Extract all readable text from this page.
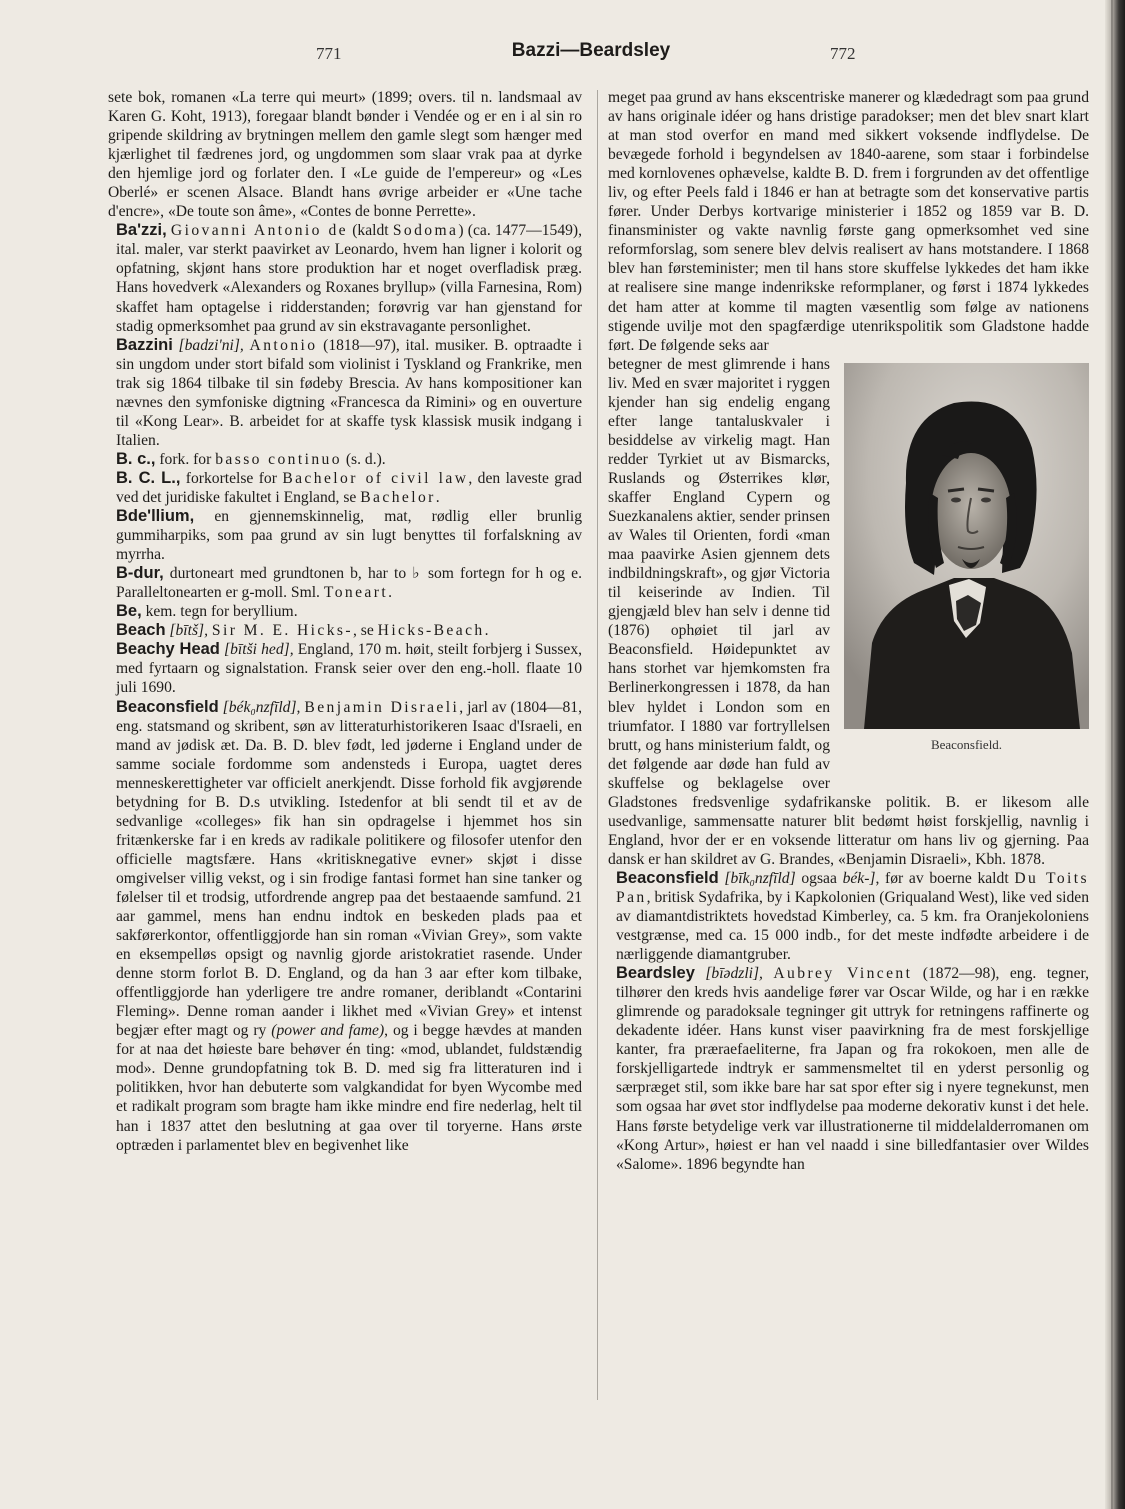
771	Bazzi—Beardsley	772

sete bok, romanen «La terre qui meurt» (1899; overs. til n. landsmaal av Karen G. Koht, 1913), foregaar blandt bønder i Vendée og er en i al sin ro gripende skildring av brytningen mellem den gamle slegt som hænger med kjærlighet til fædrenes jord, og ungdommen som slaar vrak paa at dyrke den hjemlige jord og forlater den. I «Le guide de l'empereur» og «Les Oberlé» er scenen Alsace. Blandt hans øvrige arbeider er «Une tache d'encre», «De toute son âme», «Contes de bonne Perrette».

Ba'zzi, Giovanni Antonio de (kaldt Sodoma) (ca. 1477—1549), ital. maler, var sterkt paavirket av Leonardo, hvem han ligner i kolorit og opfatning, skjønt hans store produktion har et noget overfladisk præg. Hans hovedverk «Alexanders og Roxanes bryllup» (villa Farnesina, Rom) skaffet ham optagelse i ridderstanden; forøvrig var han gjenstand for stadig opmerksomhet paa grund av sin ekstravagante personlighet.

Bazzini [badzi'ni], Antonio (1818—97), ital. musiker. B. optraadte i sin ungdom under stort bifald som violinist i Tyskland og Frankrike, men trak sig 1864 tilbake til sin fødeby Brescia. Av hans kompositioner kan nævnes den symfoniske digtning «Francesca da Rimini» og en ouverture til «Kong Lear». B. arbeidet for at skaffe tysk klassisk musik indgang i Italien.

B. c., fork. for basso continuo (s. d.).

B. C. L., forkortelse for Bachelor of civil law, den laveste grad ved det juridiske fakultet i England, se Bachelor.

Bde'llium, en gjennemskinnelig, mat, rødlig eller brunlig gummiharpiks, som paa grund av sin lugt benyttes til forfalskning av myrrha.

B-dur, durtoneart med grundtonen b, har to ♭ som fortegn for h og e. Paralleltonearten er g-moll. Sml. Toneart.

Be, kem. tegn for beryllium.

Beach [bītš], Sir M. E. Hicks-, se Hicks-Beach.

Beachy Head [bītši hed], England, 170 m. høit, steilt forbjerg i Sussex, med fyrtaarn og signalstation. Fransk seier over den eng.-holl. flaate 10 juli 1690.

Beaconsfield [bék₀nzfīld], Benjamin Disraeli, jarl av (1804—81, eng. statsmand og skribent, søn av litteraturhistorikeren Isaac d'Israeli, en mand av jødisk æt. Da. B. D. blev født, led jøderne i England under de samme sociale fordomme som andensteds i Europa, uagtet deres menneskerettigheter var officielt anerkjendt. Disse forhold fik avgjørende betydning for B. D.s utvikling. Istedenfor at bli sendt til et av de sedvanlige «colleges» fik han sin opdragelse i hjemmet hos sin fritænkerske far i en kreds av radikale politikere og filosofer utenfor den officielle magtsfære. Hans «kritisknegative evner» skjøt i disse omgivelser villig vekst, og i sin frodige fantasi formet han sine tanker og følelser til et trodsig, utfordrende angrep paa det bestaaende samfund. 21 aar gammel, mens han endnu indtok en beskeden plads paa et sakførerkontor, offentliggjorde han sin roman «Vivian Grey», som vakte en eksempelløs opsigt og navnlig gjorde aristokratiet rasende. Under denne storm forlot B. D. England, og da han 3 aar efter kom tilbake, offentliggjorde han yderligere tre andre romaner, deriblandt «Contarini Fleming». Denne roman aander i likhet med «Vivian Grey» et intenst begjær efter magt og ry (power and fame), og i begge hævdes at manden for at naa det høieste bare behøver én ting: «mod, ublandet, fuldstændig mod». Denne grundopfatning tok B. D. med sig fra litteraturen ind i politikken, hvor han debuterte som valgkandidat for byen Wycombe med et radikalt program som bragte ham ikke mindre end fire nederlag, helt til han i 1837 attet den beslutning at gaa over til toryerne. Hans ørste optræden i parlamentet blev en begivenhet like

meget paa grund av hans ekscentriske manerer og klædedragt som paa grund av hans originale idéer og hans dristige paradokser; men det blev snart klart at man stod overfor en mand med sikkert voksende indflydelse. De bevægede forhold i begyndelsen av 1840-aarene, som staar i forbindelse med kornlovenes ophævelse, kaldte B. D. frem i forgrunden av det offentlige liv, og efter Peels fald i 1846 er han at betragte som det konservative partis fører. Under Derbys kortvarige ministerier i 1852 og 1859 var B. D. finansminister og vakte navnlig første gang opmerksomhet ved sine reformforslag, som senere blev delvis realisert av hans motstandere. I 1868 blev han førsteminister; men til hans store skuffelse lykkedes det ham ikke at realisere sine mange indenrikske reformplaner, og først i 1874 lykkedes det ham atter at komme til magten væsentlig som følge av nationens stigende uvilje mot den spagfærdige utenrikspolitik som Gladstone hadde ført. De følgende seks aar

Beaconsfield.

betegner de mest glimrende i hans liv. Med en svær majoritet i ryggen kjender han sig endelig engang efter lange tantaluskvaler i besiddelse av virkelig magt. Han redder Tyrkiet ut av Bismarcks, Ruslands og Østerrikes klør, skaffer England Cypern og Suezkanalens aktier, sender prinsen av Wales til Orienten, fordi «man maa paavirke Asien gjennem dets indbildningskraft», og gjør Victoria til keiserinde av Indien. Til gjengjæld blev han selv i denne tid (1876) ophøiet til jarl av Beaconsfield. Høidepunktet av hans storhet var hjemkomsten fra Berlinerkongressen i 1878, da han blev hyldet i London som en triumfator. I 1880 var fortryllelsen brutt, og hans ministerium faldt, og det følgende aar døde han fuld av skuffelse og beklagelse over Gladstones fredsvenlige sydafrikanske politik. B. er likesom alle usedvanlige, sammensatte naturer blit bedømt høist forskjellig, navnlig i England, hvor der er en voksende litteratur om hans liv og gjerning. Paa dansk er han skildret av G. Brandes, «Benjamin Disraeli», Kbh. 1878.

Beaconsfield [bīk₀nzfīld] ogsaa bék-], før av boerne kaldt Du Toits Pan, britisk Sydafrika, by i Kapkolonien (Griqualand West), like ved siden av diamantdistriktets hovedstad Kimberley, ca. 5 km. fra Oranjekoloniens vestgrænse, med ca. 15 000 indb., for det meste indfødte arbeidere i de nærliggende diamantgruber.

Beardsley [bīədzli], Aubrey Vincent (1872—98), eng. tegner, tilhører den kreds hvis aandelige fører var Oscar Wilde, og har i en række glimrende og paradoksale tegninger git uttryk for retningens raffinerte og dekadente idéer. Hans kunst viser paavirkning fra de mest forskjellige kanter, fra præraefaeliterne, fra Japan og fra rokokoen, men alle de forskjelligartede indtryk er sammensmeltet til en yderst personlig og særpræget stil, som ikke bare har sat spor efter sig i nyere tegnekunst, men som ogsaa har øvet stor indflydelse paa moderne dekorativ kunst i det hele. Hans første betydelige verk var illustrationerne til middelalderromanen om «Kong Artur», høiest er han vel naadd i sine billedfantasier over Wildes «Salome». 1896 begyndte han
